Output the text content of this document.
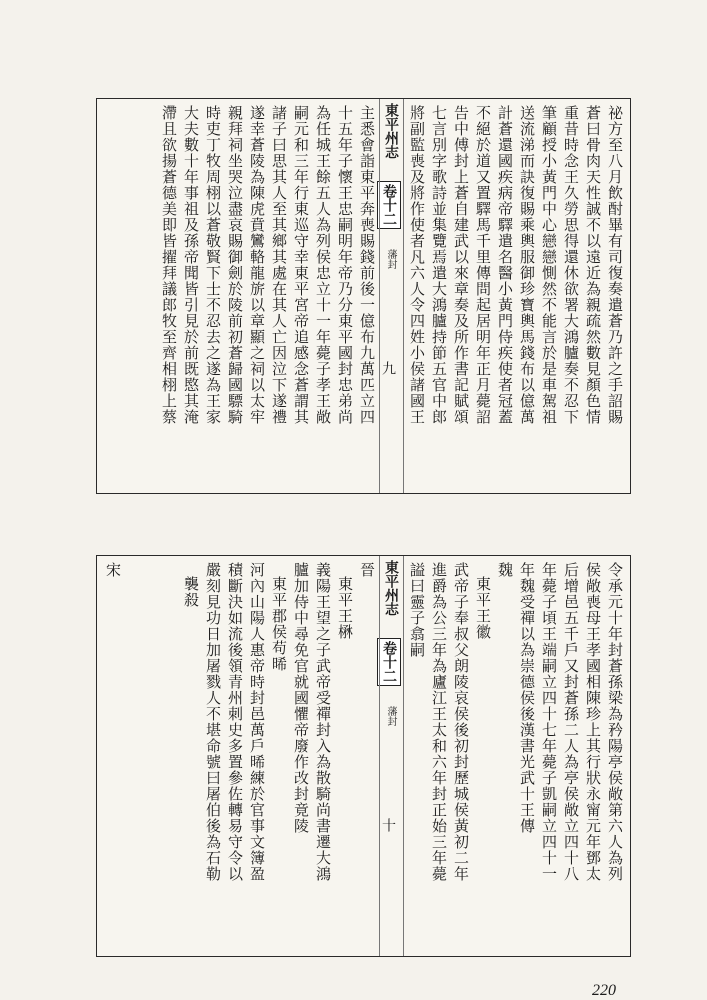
祕方至八月飲酎畢有司復奏遣蒼乃許之手詔賜
蒼曰骨肉天性誠不以遠近為親疏然數見顏色情
重昔時念王久勞思得還休欲署大鴻臚奏不忍下
筆顧授小黃門中心戀戀惻然不能言於是車駕祖
送流涕而訣復賜乘輿服御珍寶輿馬錢布以億萬
計蒼還國疾病帝驛遣名醫小黃門侍疾使者冠蓋
不絕於道又置驛馬千里傳問起居明年正月薨詔
告中傅封上蒼自建武以來章奏及所作書記賦頌
七言別字歌詩並集覽焉遣大鴻臚持節五官中郎
將副監喪及將作使者凡六人令四姓小侯諸國王
東平州志
卷十二
藩封
九
主悉會詣東平奔喪賜錢前後一億布九萬匹立四
十五年子懷王忠嗣明年帝乃分東平國封忠弟尚
為任城王餘五人為列侯忠立十一年薨子孝王敞
嗣元和三年行東巡守幸東平宮帝追感念蒼謂其
諸子曰思其人至其鄉其處在其人亡因泣下遂禮
遂幸蒼陵為陳虎賁鸞輅龍旂以章顯之祠以太牢
親拜祠坐哭泣盡哀賜御劍於陵前初蒼歸國驃騎
時吏丁牧周栩以蒼敬賢下士不忍去之遂為王家
大夫數十年事祖及孫帝聞皆引見於前既愍其淹
滯且欲揚蒼德美即皆擢拜議郎牧至齊相栩上蔡
令承元十年封蒼孫梁為矜陽亭侯敞第六人為列
侯敞喪母王孝國相陳珍上其行狀永甯元年鄧太
后增邑五千戶又封蒼孫二人為亭侯敞立四十八
年薨子頃王端嗣立四十七年薨子凱嗣立四十一
年魏受禪以為崇德侯後漢書光武十王傳
魏
東平王徽
武帝子奉叔父朗陵哀侯後初封歷城侯黃初二年
進爵為公三年為廬江王太和六年封正始三年薨
謚曰靈子翕嗣
東平州志
卷十二
藩封
十
晉
東平王楙
義陽王望之子武帝受禪封入為散騎尚書遷大鴻
臚加侍中尋免官就國懼帝廢作改封竟陵
東平郡侯苟晞
河內山陽人惠帝時封邑萬戶晞練於官事文簿盈
積斷決如流後領青州刺史多置參佐轉易守令以
嚴刻見功日加屠戮人不堪命號曰屠伯後為石勒
襲殺
宋
220
